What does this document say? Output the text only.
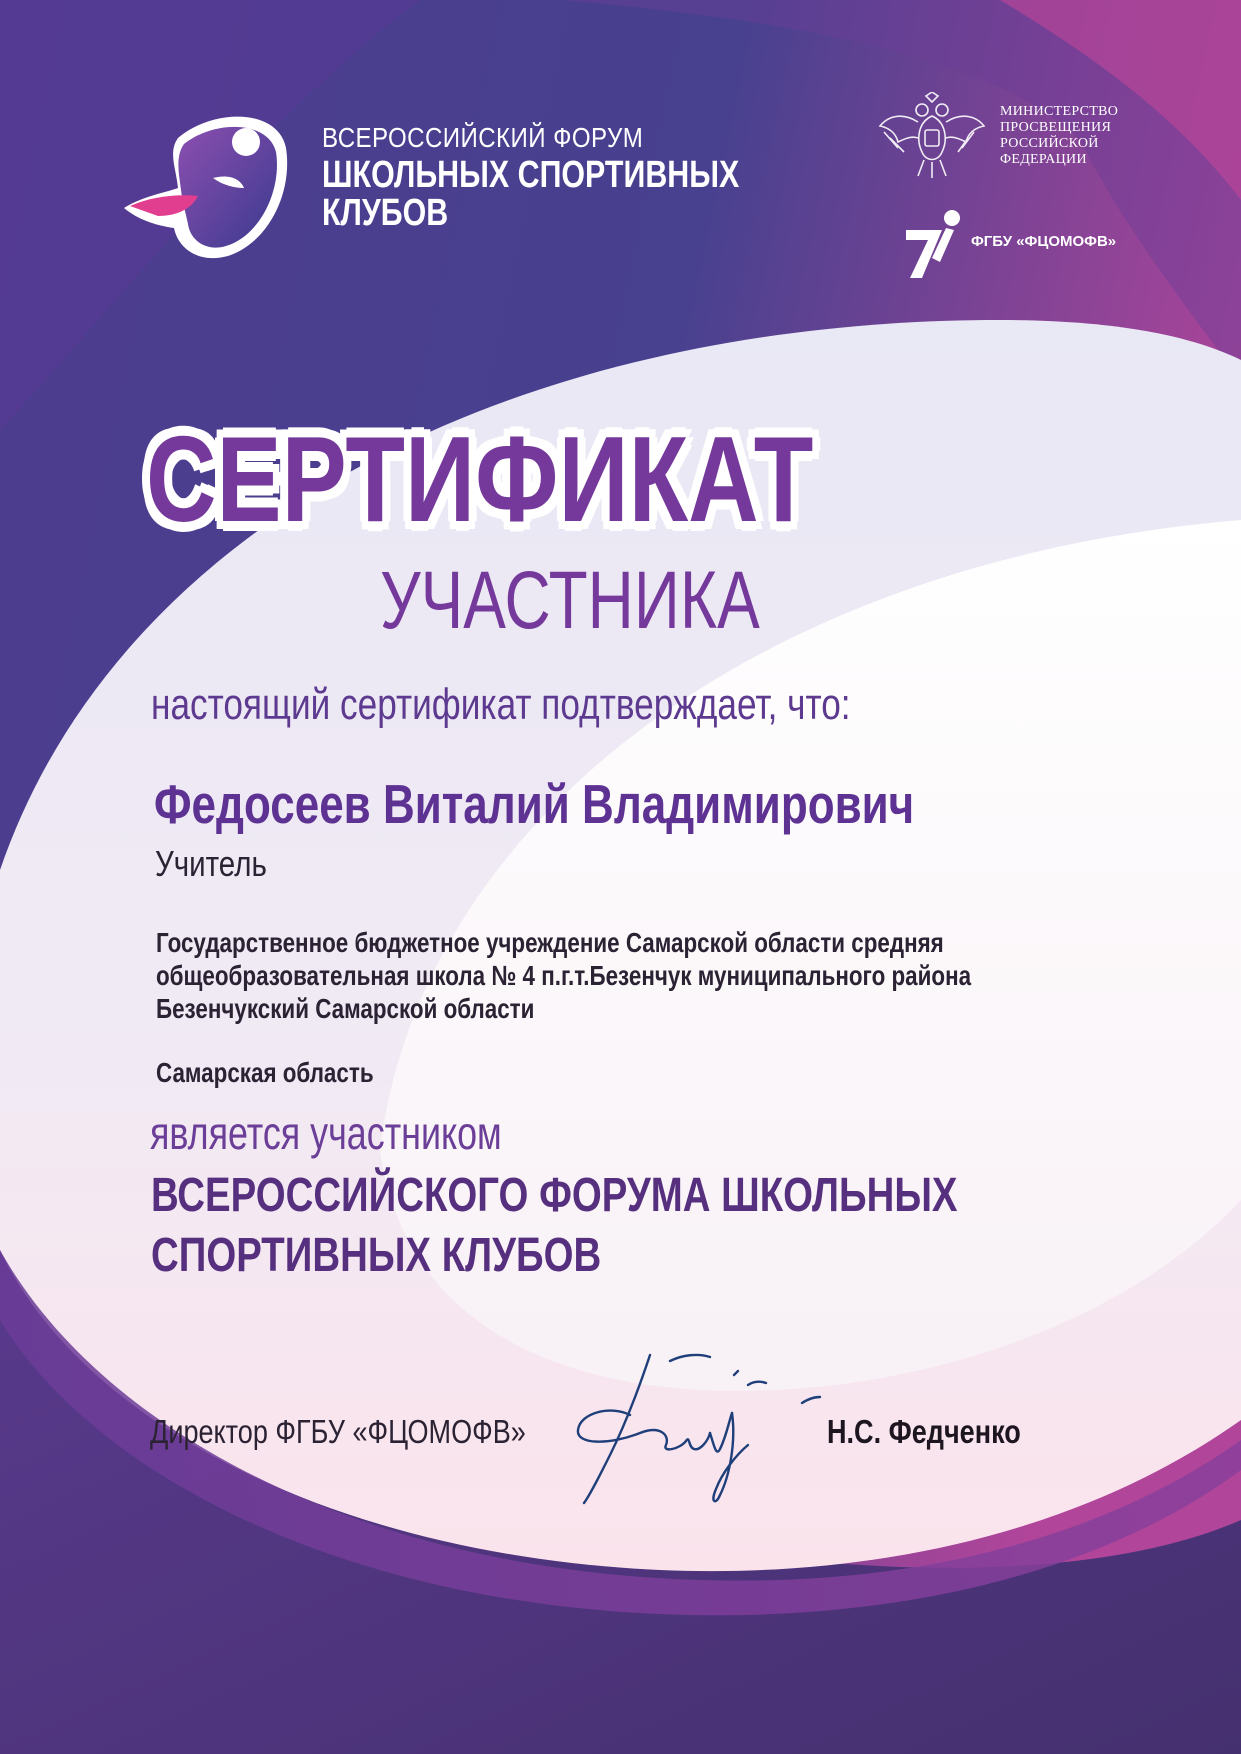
ВСЕРОССИЙСКИЙ ФОРУМ
ШКОЛЬНЫХ СПОРТИВНЫХ
КЛУБОВ
МИНИСТЕРСТВО
ПРОСВЕЩЕНИЯ
РОССИЙСКОЙ
ФЕДЕРАЦИИ
ФГБУ «ФЦОМОФВ»
СЕРТИФИКАТ
УЧАСТНИКА
настоящий сертификат подтверждает, что:
Федосеев Виталий Владимирович
Учитель
Государственное бюджетное учреждение Самарской области средняя
общеобразовательная школа № 4 п.г.т.Безенчук муниципального района
Безенчукский Самарской области
Самарская область
является участником
ВСЕРОССИЙСКОГО ФОРУМА ШКОЛЬНЫХ
СПОРТИВНЫХ КЛУБОВ
Директор ФГБУ «ФЦОМОФВ»	Н.С. Федченко
